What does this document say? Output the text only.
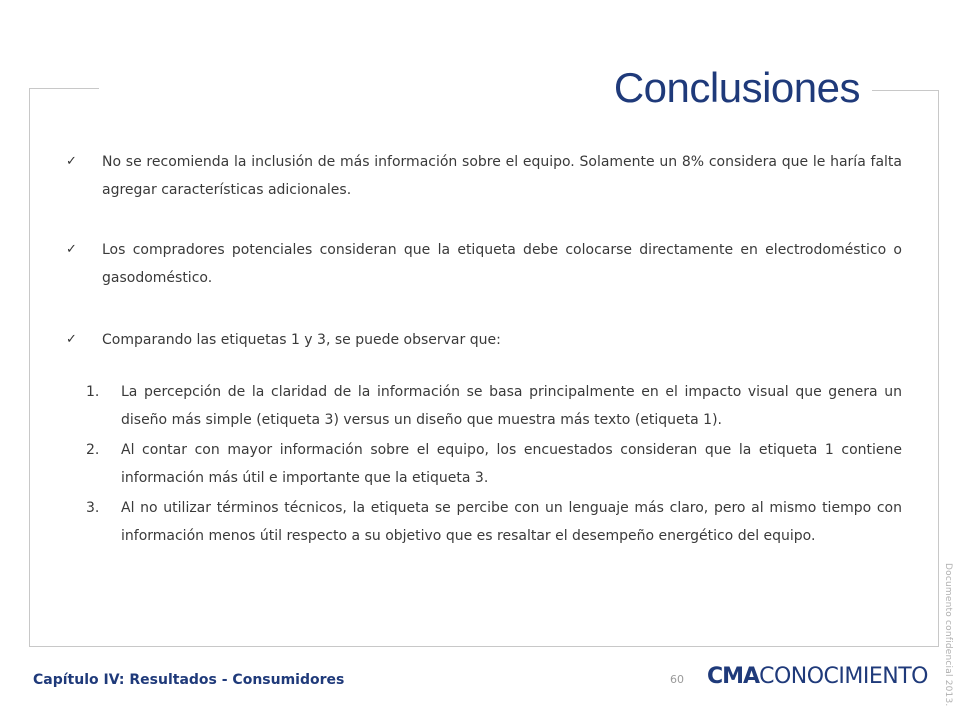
Conclusiones

✓ No se recomienda la inclusión de más información sobre el equipo. Solamente un 8% considera que le haría falta agregar características adicionales.

✓ Los compradores potenciales consideran que la etiqueta debe colocarse directamente en electrodoméstico o gasodoméstico.

✓ Comparando las etiquetas 1 y 3, se puede observar que:

1. La percepción de la claridad de la información se basa principalmente en el impacto visual que genera un diseño más simple (etiqueta 3) versus un diseño que muestra más texto (etiqueta 1).

2. Al contar con mayor información sobre el equipo, los encuestados consideran que la etiqueta 1 contiene información más útil e importante que la etiqueta 3.

3. Al no utilizar términos técnicos, la etiqueta se percibe con un lenguaje más claro, pero al mismo tiempo con información menos útil respecto a su objetivo que es resaltar el desempeño energético del equipo.

Capítulo IV: Resultados - Consumidores	60 CMACONOCIMIENTO Documento confidencial 2013.
